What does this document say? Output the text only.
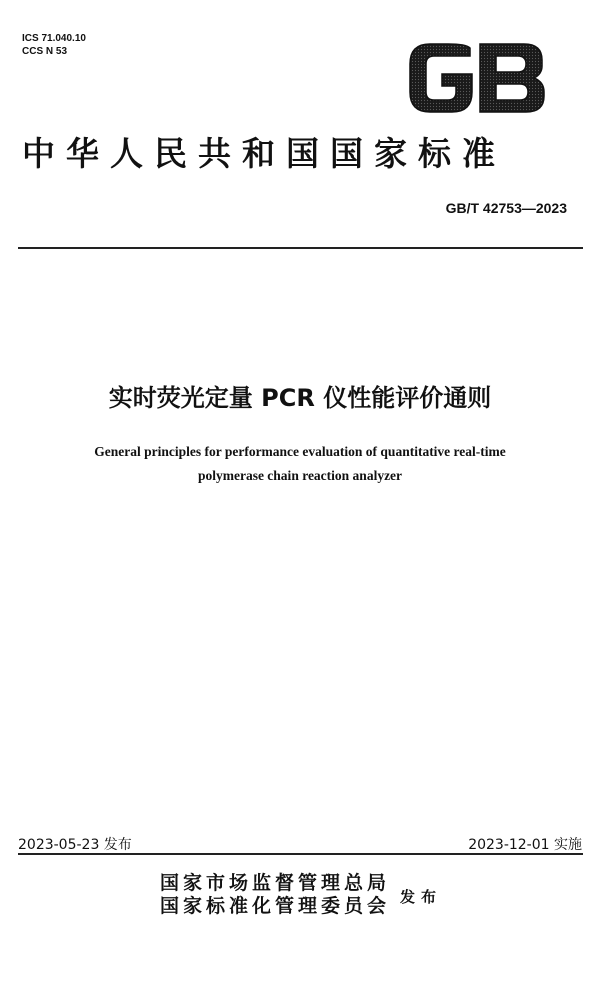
ICS 71.040.10
CCS N 53
中华人民共和国国家标准
GB/T 42753—2023
实时荧光定量 PCR 仪性能评价通则
General principles for performance evaluation of quantitative real-time
polymerase chain reaction analyzer
2023-05-23 发布	2023-12-01 实施
国家市场监督管理总局
国家标准化管理委员会 发布
